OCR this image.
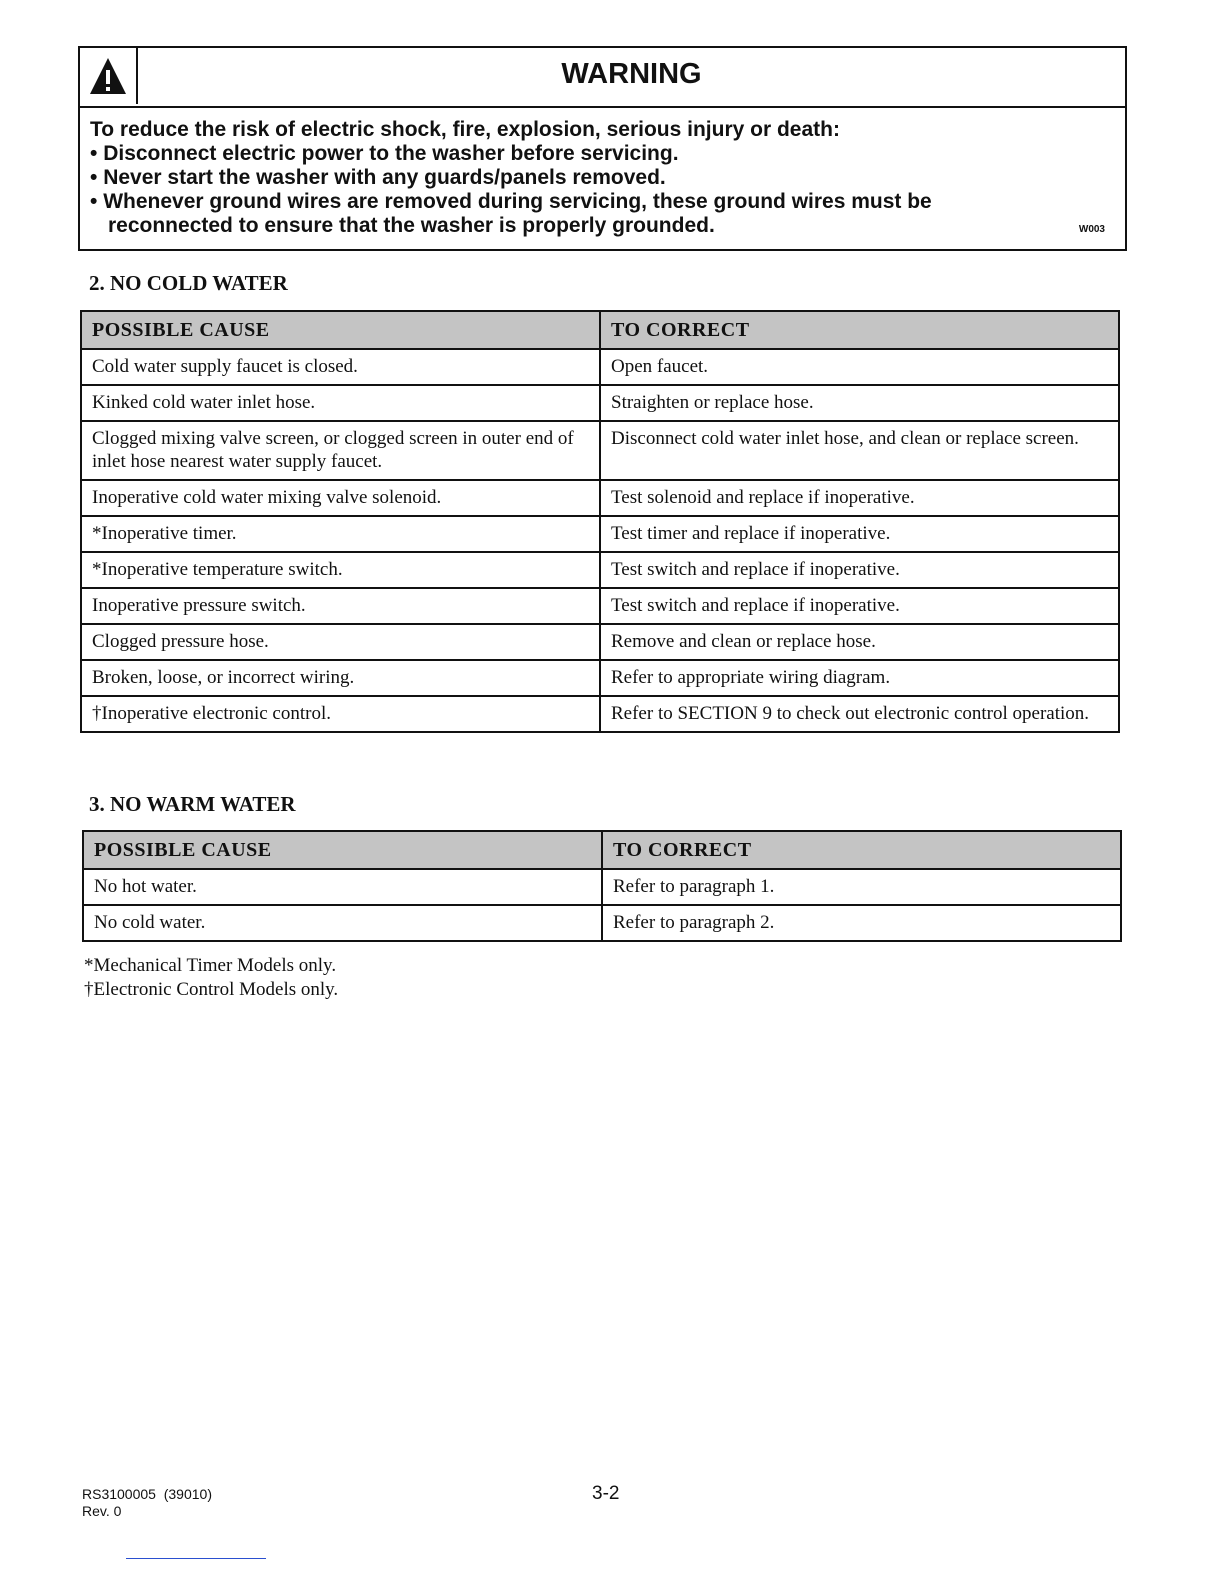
WARNING
To reduce the risk of electric shock, fire, explosion, serious injury or death:
• Disconnect electric power to the washer before servicing.
• Never start the washer with any guards/panels removed.
• Whenever ground wires are removed during servicing, these ground wires must be
reconnected to ensure that the washer is properly grounded.	W003
2. NO COLD WATER
POSSIBLE CAUSE	TO CORRECT
Cold water supply faucet is closed.	Open faucet.
Kinked cold water inlet hose.	Straighten or replace hose.
Clogged mixing valve screen, or clogged screen in outer end of inlet hose nearest water supply faucet.	Disconnect cold water inlet hose, and clean or replace screen.
Inoperative cold water mixing valve solenoid.	Test solenoid and replace if inoperative.
*Inoperative timer.	Test timer and replace if inoperative.
*Inoperative temperature switch.	Test switch and replace if inoperative.
Inoperative pressure switch.	Test switch and replace if inoperative.
Clogged pressure hose.	Remove and clean or replace hose.
Broken, loose, or incorrect wiring.	Refer to appropriate wiring diagram.
†Inoperative electronic control.	Refer to SECTION 9 to check out electronic control operation.
3. NO WARM WATER
POSSIBLE CAUSE	TO CORRECT
No hot water.	Refer to paragraph 1.
No cold water.	Refer to paragraph 2.
*Mechanical Timer Models only.
†Electronic Control Models only.
RS3100005  (39010)
Rev. 0
3-2
